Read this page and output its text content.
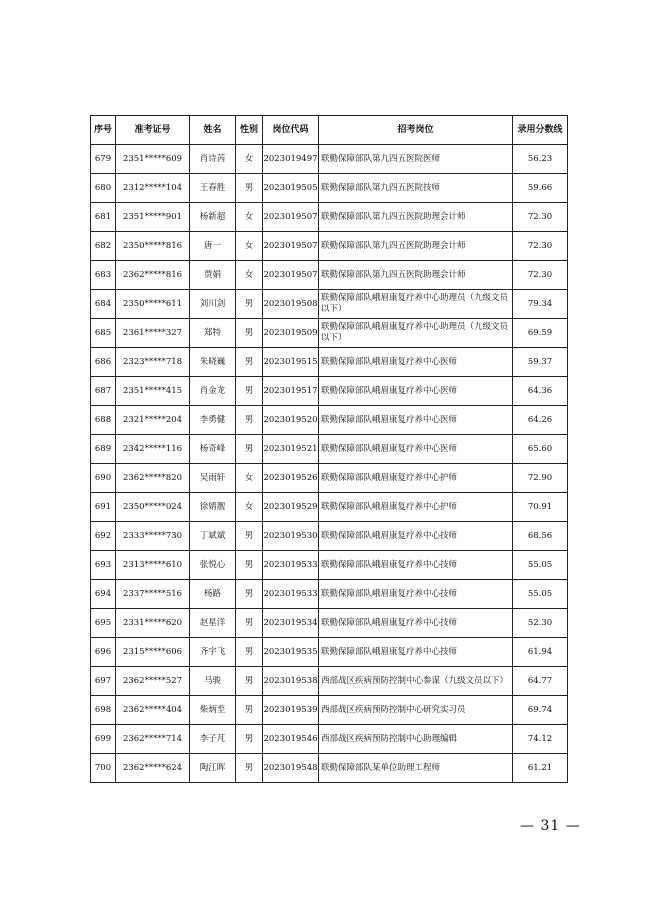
序号	准考证号	姓名	性别	岗位代码	招考岗位	录用分数线
679	2351*****609	肖诗芮	女	2023019497	联勤保障部队第九四五医院医师	56.23
680	2312*****104	王春胜	男	2023019505	联勤保障部队第九四五医院技师	59.66
681	2351*****901	杨新超	女	2023019507	联勤保障部队第九四五医院助理会计师	72.30
682	2350*****816	唐一	女	2023019507	联勤保障部队第九四五医院助理会计师	72.30
683	2362*****816	贾娟	女	2023019507	联勤保障部队第九四五医院助理会计师	72.30
684	2350*****611	刘川剑	男	2023019508	联勤保障部队峨眉康复疗养中心助理员（九级文员以下）	79.34
685	2361*****327	郑特	男	2023019509	联勤保障部队峨眉康复疗养中心助理员（九级文员以下）	69.59
686	2323*****718	朱晓巍	男	2023019515	联勤保障部队峨眉康复疗养中心医师	59.37
687	2351*****415	肖金龙	男	2023019517	联勤保障部队峨眉康复疗养中心医师	64.36
688	2321*****204	李勇健	男	2023019520	联勤保障部队峨眉康复疗养中心医师	64.26
689	2342*****116	杨奇峰	男	2023019521	联勤保障部队峨眉康复疗养中心医师	65.60
690	2362*****820	吴雨轩	女	2023019526	联勤保障部队峨眉康复疗养中心护师	72.90
691	2350*****024	徐婧靓	女	2023019529	联勤保障部队峨眉康复疗养中心护师	70.91
692	2333*****730	丁斌斌	男	2023019530	联勤保障部队峨眉康复疗养中心技师	68.56
693	2313*****610	张悦心	男	2023019533	联勤保障部队峨眉康复疗养中心技师	55.05
694	2337*****516	杨路	男	2023019533	联勤保障部队峨眉康复疗养中心技师	55.05
695	2331*****620	赵星洋	男	2023019534	联勤保障部队峨眉康复疗养中心技师	52.30
696	2315*****606	齐宇飞	男	2023019535	联勤保障部队峨眉康复疗养中心技师	61.94
697	2362*****527	马骏	男	2023019538	西部战区疾病预防控制中心参谋（九级文员以下）	64.77
698	2362*****404	柴炳至	男	2023019539	西部战区疾病预防控制中心研究实习员	69.74
699	2362*****714	李子芃	男	2023019546	西部战区疾病预防控制中心助理编辑	74.12
700	2362*****624	陶江晖	男	2023019548	联勤保障部队某单位助理工程师	61.21
— 31 —
